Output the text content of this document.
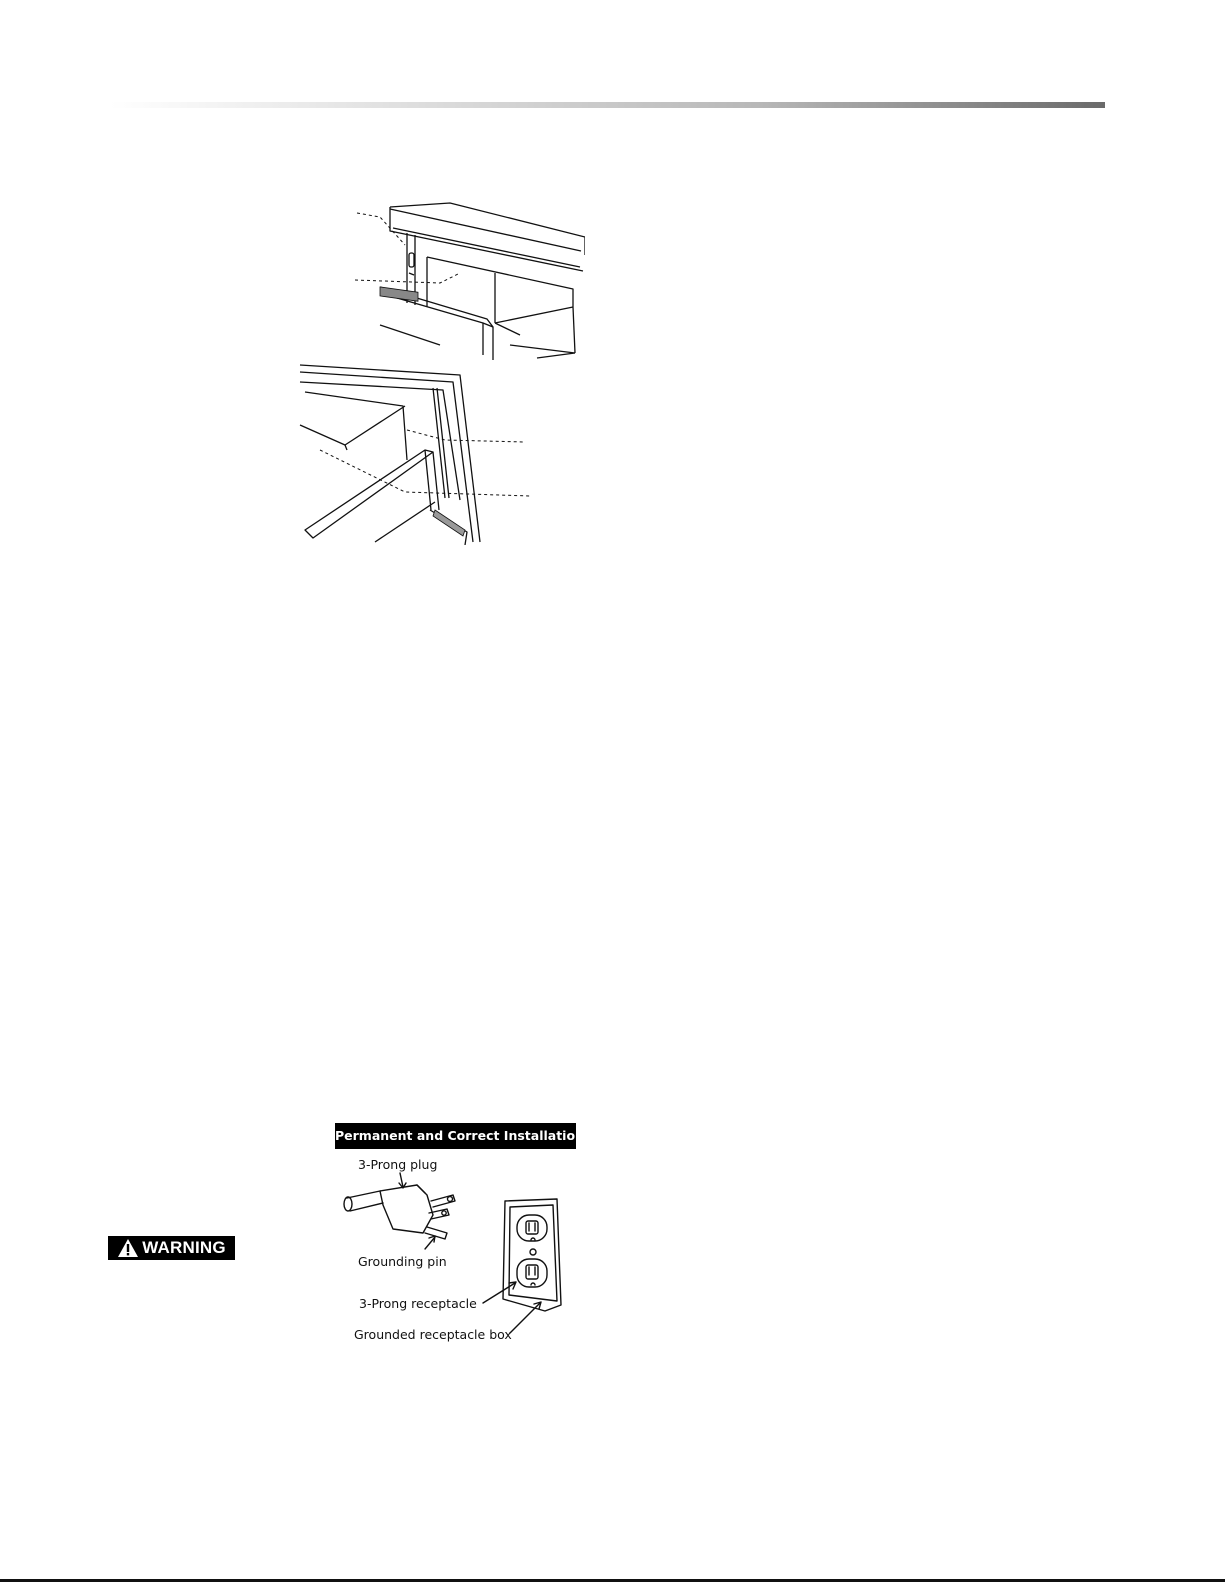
Permanent and Correct Installation
3-Prong plug
Grounding pin
3-Prong receptacle
Grounded receptacle box
WARNING
